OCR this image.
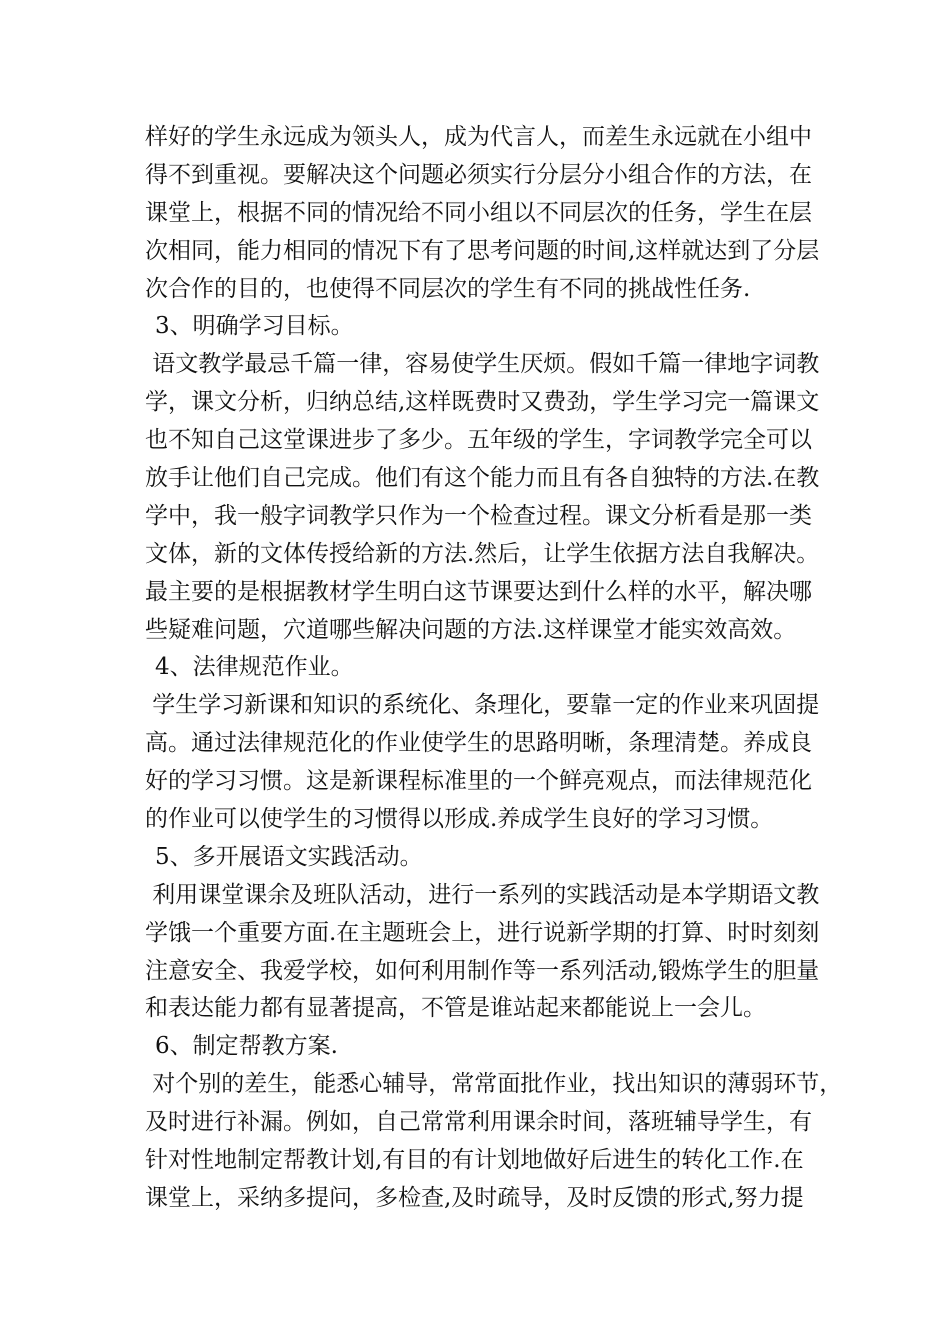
样好的学生永远成为领头人，成为代言人，而差生永远就在小组中
得不到重视。要解决这个问题必须实行分层分小组合作的方法，在
课堂上，根据不同的情况给不同小组以不同层次的任务，学生在层
次相同，能力相同的情况下有了思考问题的时间,这样就达到了分层
次合作的目的，也使得不同层次的学生有不同的挑战性任务.
3、明确学习目标。
语文教学最忌千篇一律，容易使学生厌烦。假如千篇一律地字词教
学，课文分析，归纳总结,这样既费时又费劲，学生学习完一篇课文
也不知自己这堂课进步了多少。五年级的学生，字词教学完全可以
放手让他们自己完成。他们有这个能力而且有各自独特的方法.在教
学中，我一般字词教学只作为一个检查过程。课文分析看是那一类
文体，新的文体传授给新的方法.然后，让学生依据方法自我解决。
最主要的是根据教材学生明白这节课要达到什么样的水平，解决哪
些疑难问题，穴道哪些解决问题的方法.这样课堂才能实效高效。
4、法律规范作业。
学生学习新课和知识的系统化、条理化，要靠一定的作业来巩固提
高。通过法律规范化的作业使学生的思路明晰，条理清楚。养成良
好的学习习惯。这是新课程标准里的一个鲜亮观点，而法律规范化
的作业可以使学生的习惯得以形成.养成学生良好的学习习惯。
5、多开展语文实践活动。
利用课堂课余及班队活动，进行一系列的实践活动是本学期语文教
学饿一个重要方面.在主题班会上，进行说新学期的打算、时时刻刻
注意安全、我爱学校，如何利用制作等一系列活动,锻炼学生的胆量
和表达能力都有显著提高，不管是谁站起来都能说上一会儿。
6、制定帮教方案.
对个别的差生，能悉心辅导，常常面批作业，找出知识的薄弱环节，
及时进行补漏。例如，自己常常利用课余时间，落班辅导学生，有
针对性地制定帮教计划,有目的有计划地做好后进生的转化工作.在
课堂上，采纳多提问，多检查,及时疏导，及时反馈的形式,努力提
